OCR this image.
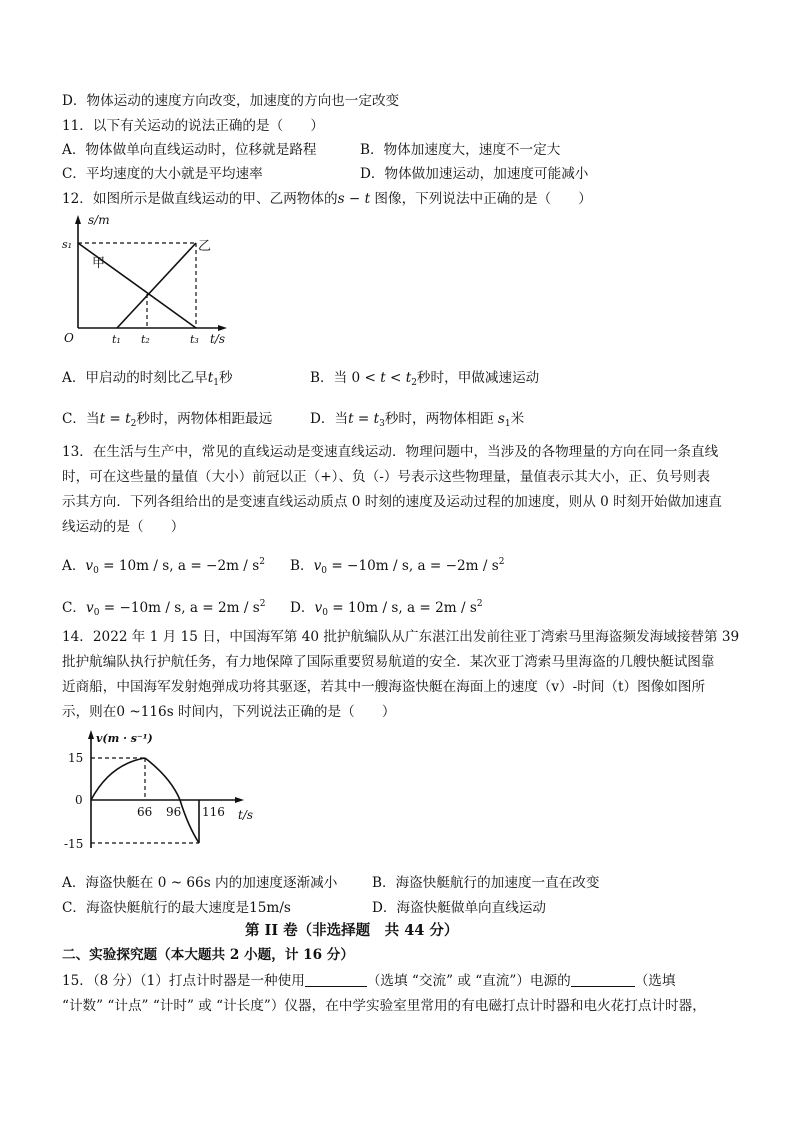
D．物体运动的速度方向改变，加速度的方向也一定改变
11．以下有关运动的说法正确的是（　　）
A．物体做单向直线运动时，位移就是路程	B．物体加速度大，速度不一定大
C．平均速度的大小就是平均速率	D．物体做加速运动，加速度可能减小
12．如图所示是做直线运动的甲、乙两物体的s − t 图像，下列说法中正确的是（　　）
s/m
s₁
甲
乙
O	t₁ t₂	t₃ t/s
A．甲启动的时刻比乙早$t_1$秒	B．当 $0 < t < t_2$秒时，甲做减速运动
C．当$t = t_2$秒时，两物体相距最远	D．当$t = t_3$秒时，两物体相距 $s_1$米
13．在生活与生产中，常见的直线运动是变速直线运动．物理问题中，当涉及的各物理量的方向在同一条直线
时，可在这些量的量值（大小）前冠以正（+）、负（-）号表示这些物理量，量值表示其大小，正、负号则表
示其方向．下列各组给出的是变速直线运动质点 0 时刻的速度及运动过程的加速度，则从 0 时刻开始做加速直
线运动的是（　　）
A．$v_0 = 10m / s$, $a = -2m / s^2$ B．$v_0 = -10m / s$, $a = -2m / s^2$
C．$v_0 = -10m / s$, $a = 2m / s^2$ D．$v_0 = 10m / s$, $a = 2m / s^2$
14．2022 年 1 月 15 日，中国海军第 40 批护航编队从广东湛江出发前往亚丁湾索马里海盗频发海域接替第 39
批护航编队执行护航任务，有力地保障了国际重要贸易航道的安全．某次亚丁湾索马里海盗的几艘快艇试图靠
近商船，中国海军发射炮弹成功将其驱逐，若其中一艘海盗快艇在海面上的速度（v）-时间（t）图像如图所
示，则在0 ~116s 时间内，下列说法正确的是（　　）
v(m · s⁻¹)
15
0
-15
66 96 116 t/s
A．海盗快艇在 0 ~ 66s 内的加速度逐渐减小	B．海盗快艇航行的加速度一直在改变
C．海盗快艇航行的最大速度是15m/s	D．海盗快艇做单向直线运动
第 II 卷（非选择题　共 44 分）
二、实验探究题（本大题共 2 小题，计 16 分）
15．（8 分）（1）打点计时器是一种使用	（选填 “交流” 或 “直流”）电源的	（选填
“计数” “计点” “计时” 或 “计长度”）仪器，在中学实验室里常用的有电磁打点计时器和电火花打点计时器，
